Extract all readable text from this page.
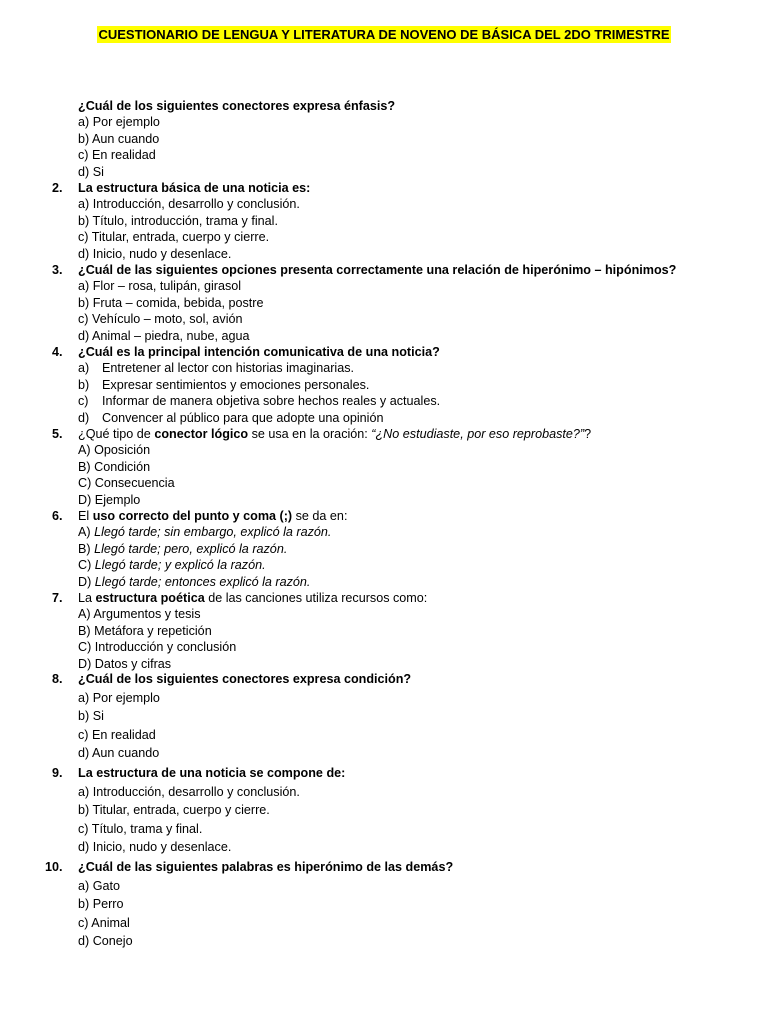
CUESTIONARIO DE LENGUA Y LITERATURA DE NOVENO DE BÁSICA DEL 2DO TRIMESTRE
¿Cuál de los siguientes conectores expresa énfasis?
a) Por ejemplo
b) Aun cuando
c) En realidad
d) Si
2.	La estructura básica de una noticia es:
a) Introducción, desarrollo y conclusión.
b) Título, introducción, trama y final.
c) Titular, entrada, cuerpo y cierre.
d) Inicio, nudo y desenlace.
3.	¿Cuál de las siguientes opciones presenta correctamente una relación de hiperónimo – hipónimos?
a) Flor – rosa, tulipán, girasol
b) Fruta – comida, bebida, postre
c) Vehículo – moto, sol, avión
d) Animal – piedra, nube, agua
4.	¿Cuál es la principal intención comunicativa de una noticia?
a) Entretener al lector con historias imaginarias.
b) Expresar sentimientos y emociones personales.
c) Informar de manera objetiva sobre hechos reales y actuales.
d) Convencer al público para que adopte una opinión
5.	¿Qué tipo de conector lógico se usa en la oración: “¿No estudiaste, por eso reprobaste?”?
A) Oposición
B) Condición
C) Consecuencia
D) Ejemplo
6.	El uso correcto del punto y coma (;) se da en:
A) Llegó tarde; sin embargo, explicó la razón.
B) Llegó tarde; pero, explicó la razón.
C) Llegó tarde; y explicó la razón.
D) Llegó tarde; entonces explicó la razón.
7.	La estructura poética de las canciones utiliza recursos como:
A) Argumentos y tesis
B) Metáfora y repetición
C) Introducción y conclusión
D) Datos y cifras
8.	¿Cuál de los siguientes conectores expresa condición?
a) Por ejemplo
b) Si
c) En realidad
d) Aun cuando
9.	La estructura de una noticia se compone de:
a) Introducción, desarrollo y conclusión.
b) Titular, entrada, cuerpo y cierre.
c) Título, trama y final.
d) Inicio, nudo y desenlace.
10. ¿Cuál de las siguientes palabras es hiperónimo de las demás?
a) Gato
b) Perro
c) Animal
d) Conejo
